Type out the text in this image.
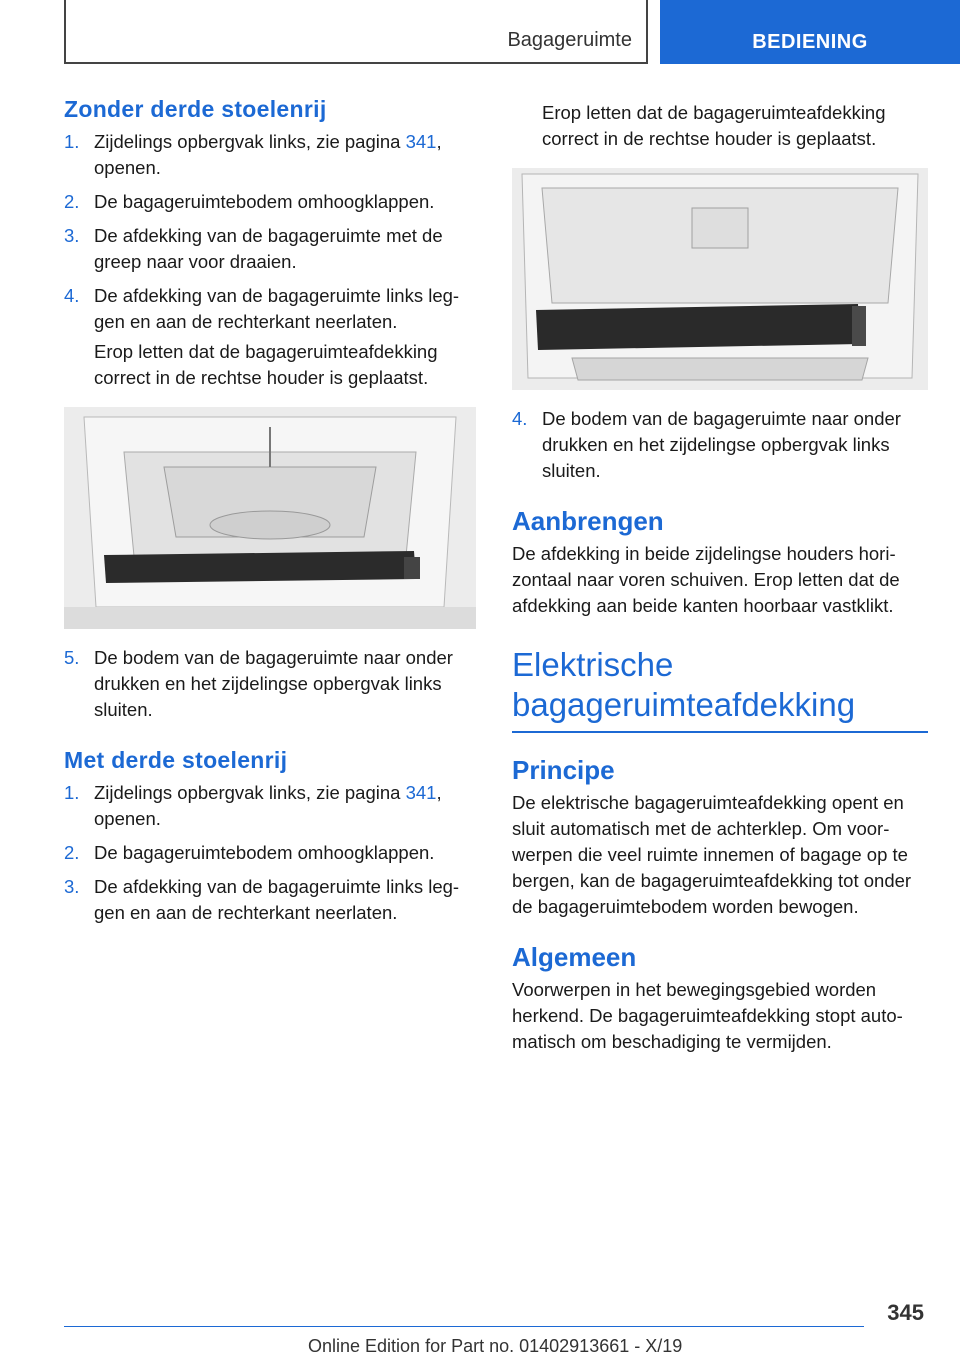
Bagageruimte	BEDIENING
Zonder derde stoelenrij
1. Zijdelings opbergvak links, zie pagina 341, openen.
2. De bagageruimtebodem omhoogklappen.
3. De afdekking van de bagageruimte met de greep naar voor draaien.
4. De afdekking van de bagageruimte links leggen en aan de rechterkant neerlaten.

Erop letten dat de bagageruimteafdekking correct in de rechtse houder is geplaatst.

5. De bodem van de bagageruimte naar onder drukken en het zijdelingse opbergvak links sluiten.
Met derde stoelenrij
1. Zijdelings opbergvak links, zie pagina 341, openen.
2. De bagageruimtebodem omhoogklappen.
3. De afdekking van de bagageruimte links leggen en aan de rechterkant neerlaten.

Erop letten dat de bagageruimteafdekking correct in de rechtse houder is geplaatst.

4. De bodem van de bagageruimte naar onder drukken en het zijdelingse opbergvak links sluiten.
Aanbrengen

De afdekking in beide zijdelingse houders horizontaal naar voren schuiven. Erop letten dat de afdekking aan beide kanten hoorbaar vastklikt.

Elektrische
bagageruimteafdekking
Principe

De elektrische bagageruimteafdekking opent en sluit automatisch met de achterklep. Om voorwerpen die veel ruimte innemen of bagage op te bergen, kan de bagageruimteafdekking tot onder de bagageruimtebodem worden bewogen.

Algemeen

Voorwerpen in het bewegingsgebied worden herkend. De bagageruimteafdekking stopt automatisch om beschadiging te vermijden.

345
Online Edition for Part no. 01402913661 - X/19
